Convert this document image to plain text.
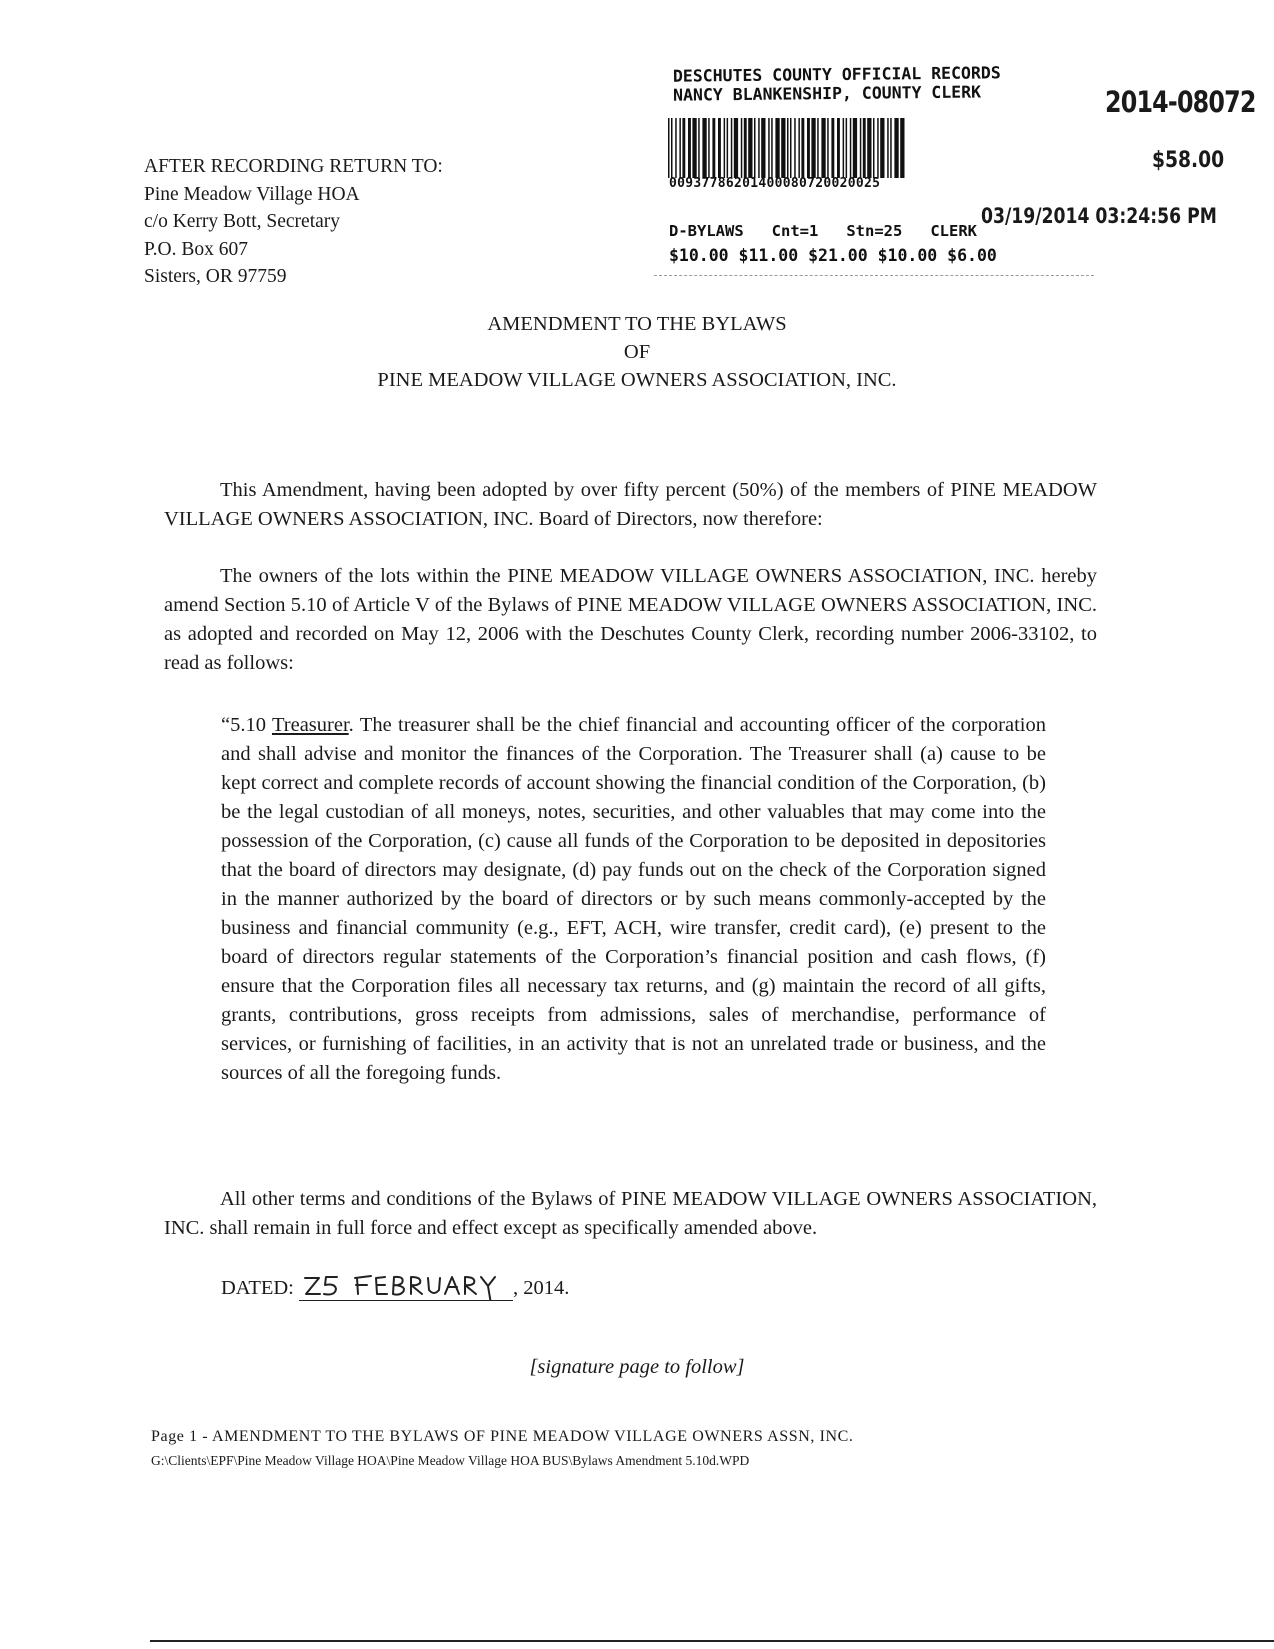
DESCHUTES COUNTY OFFICIAL RECORDS
NANCY BLANKENSHIP, COUNTY CLERK	2014-08072
$58.00
00937786201400080720020025
03/19/2014 03:24:56 PM
D-BYLAWS Cnt=1 Stn=25 CLERK
$10.00 $11.00 $21.00 $10.00 $6.00
AFTER RECORDING RETURN TO:
Pine Meadow Village HOA
c/o Kerry Bott, Secretary
P.O. Box 607
Sisters, OR 97759
AMENDMENT TO THE BYLAWS
OF
PINE MEADOW VILLAGE OWNERS ASSOCIATION, INC.
This Amendment, having been adopted by over fifty percent (50%) of the members of PINE MEADOW VILLAGE OWNERS ASSOCIATION, INC. Board of Directors, now therefore:
The owners of the lots within the PINE MEADOW VILLAGE OWNERS ASSOCIATION, INC. hereby amend Section 5.10 of Article V of the Bylaws of PINE MEADOW VILLAGE OWNERS ASSOCIATION, INC. as adopted and recorded on May 12, 2006 with the Deschutes County Clerk, recording number 2006-33102, to read as follows:
“5.10 Treasurer. The treasurer shall be the chief financial and accounting officer of the corporation and shall advise and monitor the finances of the Corporation. The Treasurer shall (a) cause to be kept correct and complete records of account showing the financial condition of the Corporation, (b) be the legal custodian of all moneys, notes, securities, and other valuables that may come into the possession of the Corporation, (c) cause all funds of the Corporation to be deposited in depositories that the board of directors may designate, (d) pay funds out on the check of the Corporation signed in the manner authorized by the board of directors or by such means commonly-accepted by the business and financial community (e.g., EFT, ACH, wire transfer, credit card), (e) present to the board of directors regular statements of the Corporation’s financial position and cash flows, (f) ensure that the Corporation files all necessary tax returns, and (g) maintain the record of all gifts, grants, contributions, gross receipts from admissions, sales of merchandise, performance of services, or furnishing of facilities, in an activity that is not an unrelated trade or business, and the sources of all the foregoing funds.
All other terms and conditions of the Bylaws of PINE MEADOW VILLAGE OWNERS ASSOCIATION, INC. shall remain in full force and effect except as specifically amended above.
DATED:	, 2014.
[signature page to follow]
Page 1 - AMENDMENT TO THE BYLAWS OF PINE MEADOW VILLAGE OWNERS ASSN, INC.
G:\Clients\EPF\Pine Meadow Village HOA\Pine Meadow Village HOA BUS\Bylaws Amendment 5.10d.WPD
